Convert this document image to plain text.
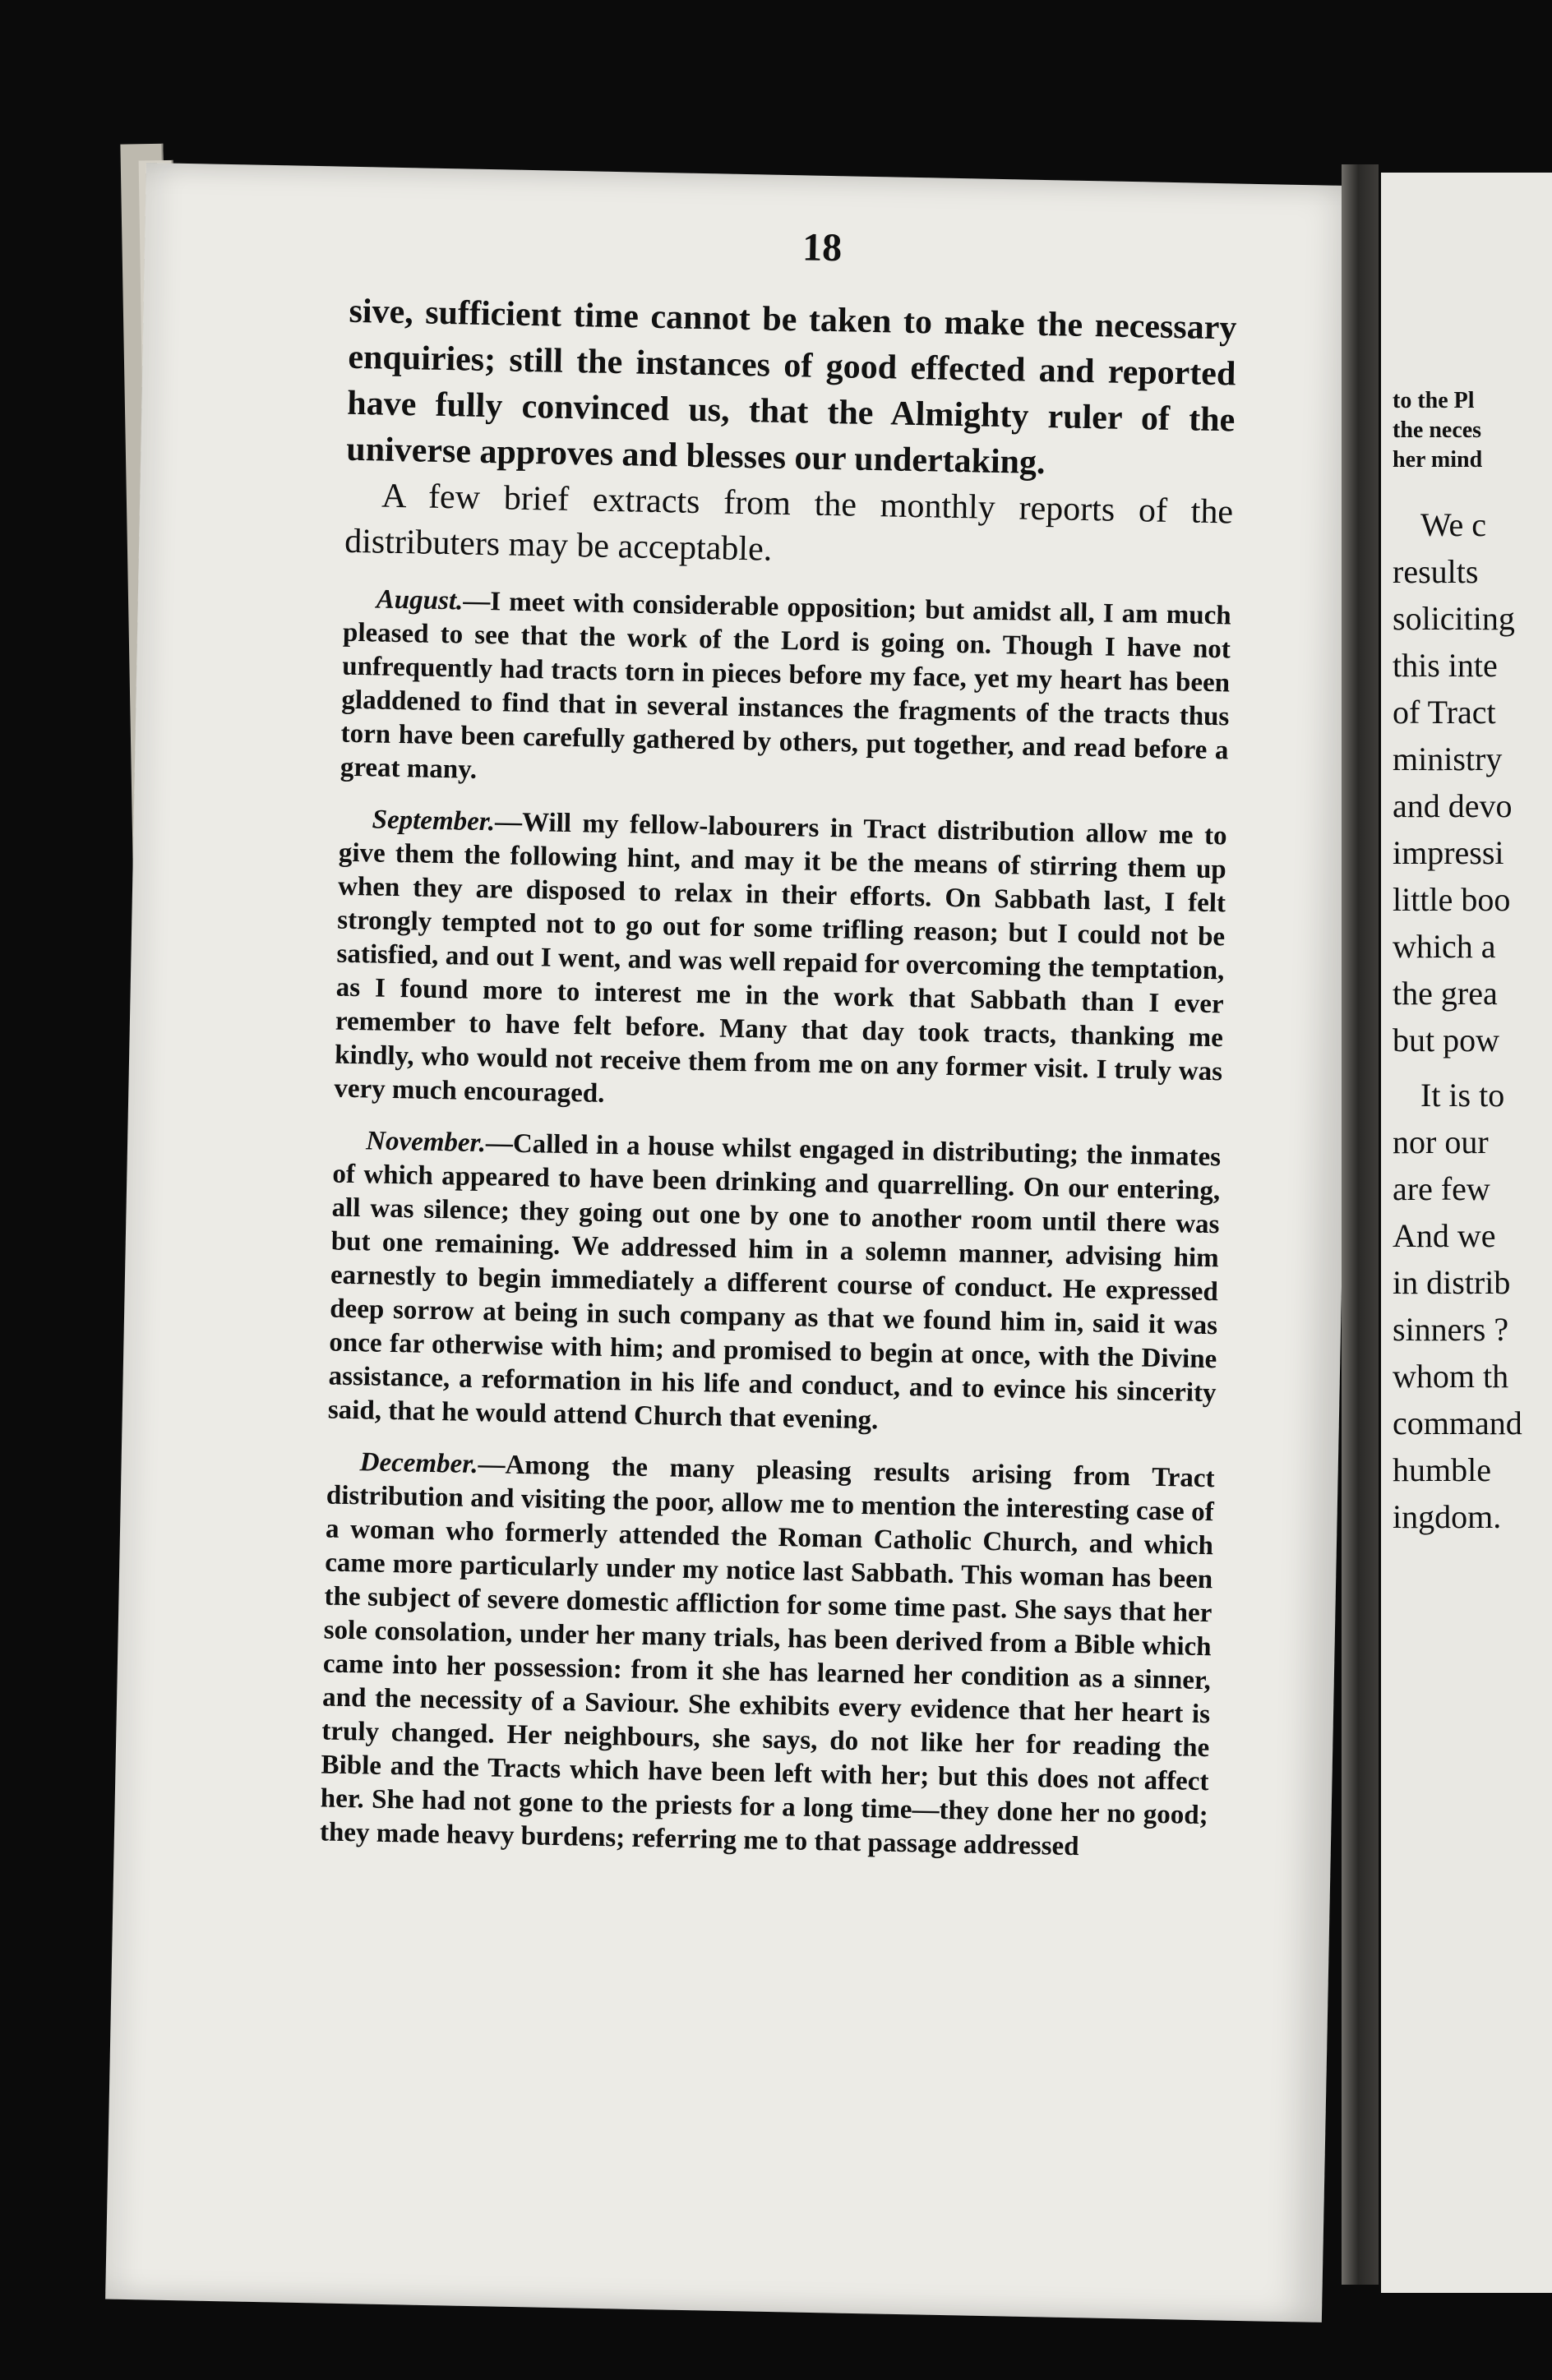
18

sive, sufficient time cannot be taken to make the necessary enquiries; still the instances of good effected and reported have fully convinced us, that the Almighty ruler of the universe approves and blesses our undertaking.

A few brief extracts from the monthly reports of the distributers may be acceptable.

August.—I meet with considerable opposition; but amidst all, I am much pleased to see that the work of the Lord is going on. Though I have not unfrequently had tracts torn in pieces before my face, yet my heart has been gladdened to find that in several instances the fragments of the tracts thus torn have been carefully gathered by others, put together, and read before a great many.

September.—Will my fellow-labourers in Tract distribution allow me to give them the following hint, and may it be the means of stirring them up when they are disposed to relax in their efforts. On Sabbath last, I felt strongly tempted not to go out for some trifling reason; but I could not be satisfied, and out I went, and was well repaid for overcoming the temptation, as I found more to interest me in the work that Sabbath than I ever remember to have felt before. Many that day took tracts, thanking me kindly, who would not receive them from me on any former visit. I truly was very much encouraged.

November.—Called in a house whilst engaged in distributing; the inmates of which appeared to have been drinking and quarrelling. On our entering, all was silence; they going out one by one to another room until there was but one remaining. We addressed him in a solemn manner, advising him earnestly to begin immediately a different course of conduct. He expressed deep sorrow at being in such company as that we found him in, said it was once far otherwise with him; and promised to begin at once, with the Divine assistance, a reformation in his life and conduct, and to evince his sincerity said, that he would attend Church that evening.

December.—Among the many pleasing results arising from Tract distribution and visiting the poor, allow me to mention the interesting case of a woman who formerly attended the Roman Catholic Church, and which came more particularly under my notice last Sabbath. This woman has been the subject of severe domestic affliction for some time past. She says that her sole consolation, under her many trials, has been derived from a Bible which came into her possession: from it she has learned her condition as a sinner, and the necessity of a Saviour. She exhibits every evidence that her heart is truly changed. Her neighbours, she says, do not like her for reading the Bible and the Tracts which have been left with her; but this does not affect her. She had not gone to the priests for a long time—they done her no good; they made heavy burdens; referring me to that passage addressed

to the Pl
the neces
her mind
We c
results
soliciting
this inte
of Tract
ministry
and devo
impressi
little boo
which a
the grea
but pow
It is to
nor our
are few
And we
in distrib
sinners ?
whom th
command
humble
ingdom.
